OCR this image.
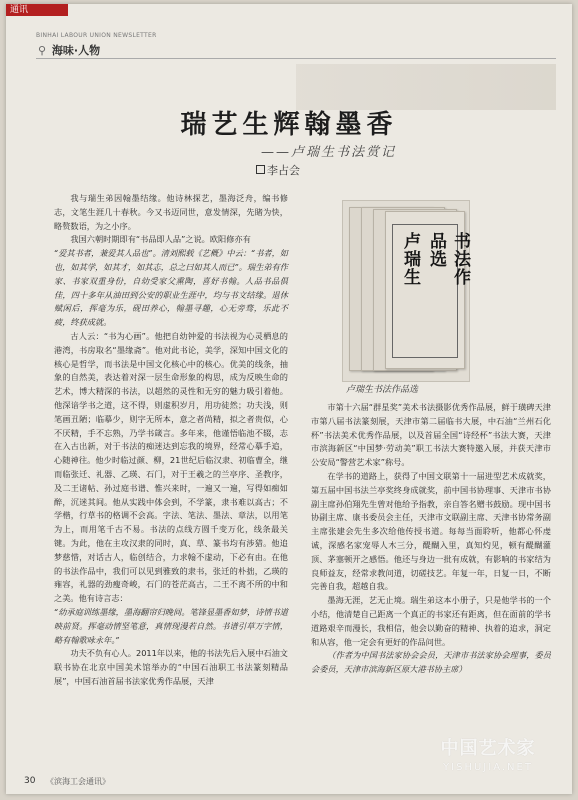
通讯
BINHAI LABOUR UNION NEWSLETTER
⚲ 海味·人物
瑞艺生辉翰墨香
——卢瑞生书法赏记
李占会

我与瑞生弟因翰墨结缘。他诗林探艺，墨海泛舟，编书修志，文笔生涯几十春秋。今又书迈同世，意发情深，先睹为快，略赘数语，为之小序。

我国六朝时期即有“书品即人品”之说。欧阳修亦有

“爱其书者，兼爱其人品也”。清刘熙载《艺概》中云：“书者，如也，如其学，如其才，如其志，总之曰如其人而已”。瑞生弟有作家、书家双重身份，自幼受家父熏陶，喜好书翰。人品书品俱佳，四十多年从油田到公安的职业生涯中，均与书文结缘。退休赋闲后，挥毫为乐，砚田养心，翰墨寻趣，心无旁骛，乐此不疲，终获成就。

古人云：“书为心画”。他把自幼钟爱的书法视为心灵栖息的港湾，书房取名“墨缘斋”。他对此书论，美学，深知中国文化的核心是哲学，而书法是中国文化核心中的核心。优美的线条，抽象的自然美，表达着对深一层生命形象的构思，成为反映生命的艺术，博大精深的书法，以超然的灵性和无穷的魅力吸引着他。他深谙学书之道，这不得，则虚积岁月，用功徒然；功夫浅，则笔画丑陋；临摹少，则字无所本，意之者尚精，拟之者贵似，心不厌精，手不忘熟，乃学书箴言。多年来，他谨悟临池不辍，志在入古出新，对于书法的痴迷达到忘我的境界，经常心摹手追，心随神往。他少时临过颜、柳，21世纪后临汉隶、初临曹全，继而临张迁、礼器、乙瑛、石门，对于王羲之的兰亭序、圣教序，及二王诸帖、孙过庭书谱、惟兴来时，一遍又一遍，写得如痴如醉，沉迷其间。他从实践中体会到，不学篆，隶书难以高古；不学楷，行草书的格调不会高。字法、笔法、墨法、章法，以用笔为上，而用笔千古不易。书法的点线方圆千变万化，线条最关键。为此，他在主攻汉隶的同时，真、草、篆书均有涉猎。他追梦慈惜，对话古人，临创结合，力求翰不虚动，下必有由。在他的书法作品中，我们可以见到雅致的隶书，张迁的朴拙，乙瑛的雍容，礼器的劲瘦奇峻，石门的苍茫高古，二王不离不所的中和之美。他有诗言志：

“幼承庭训练墨缘，墨海翻帘归晚间。笔锋显墨香如梦，诗情书道映前贤。挥毫动情坚笔意，真情现漫若自然。书谱引草万字情，略有翰歌咏永年。”

功夫不负有心人。2011年以来，他的书法先后入展中石油文联书协在北京中国美术馆举办的“中国石油职工书法篆刻精品展”，中国石油首届书法家优秀作品展，天津

卢瑞生	书法作品选
卢瑞生书法作品选

市第十六届“群星奖”美术书法摄影优秀作品展，鲜于璜碑天津市第八届书法篆刻展，天津市第二届临书大展，中石油“兰州石化杯”书法美术优秀作品展，以及首届全国“诗经杯”书法大赛，天津市滨海新区“中国梦·劳动美”职工书法大赛特邀入展，并获天津市公安局“警营艺术家”称号。

在学书的道路上，获得了中国文联第十一届进型艺术成就奖，第五届中国书法兰亭奖终身成就奖，前中国书协理事、天津市书协副主席孙伯翔先生曾对他给予指教，亲自答名赠书鼓励。现中国书协副主席、康书委员会主任，天津市文联副主席、天津书协常务副主席张建会先生多次给他传授书道。每每当面聆听，他都心怀虔诚，深感名家宠辱人木三分，醍醐入里，真知灼见，顿有醍醐灌顶、茅塞顿开之感悟。他还与身边一批有成就，有影响的书家结为良师益友，经常求教问道，切磋技艺。年复一年，日复一日，不断完善自我，超越自我。

墨海无涯，艺无止境。瑞生弟这本小册子，只是他学书的一个小结，他清楚自己距离一个真正的书家还有距离，但在面前的学书道路艰辛而漫长，我相信，他会以勤奋的精神、执着的追求，洞定和从容，他一定会有更好的作品问世。

（作者为中国书法家协会会员，天津市书法家协会理事，委员会委员，天津市滨海新区原大港书协主席）

30 《滨海工会通讯》
中国艺术家
YISHUJIA.NET
